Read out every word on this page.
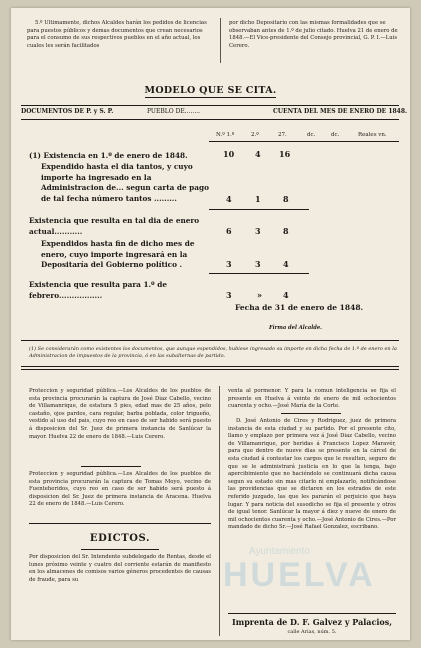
5.º Ultimamente, dichos Alcaldes harán los pedidos de licencias para puestos públicos y demas documentos que crean necesarios para el consumo de sus respectivos pueblos en el año actual, los cuales les serán facilitados
por dicho Depositario con las mismas formalidades que se observaban antes de 1.º de julio citado. Huelva 21 de enero de 1848.—El Vice-presidente del Consejo provincial, G. P. I.—Luis Cerero.
MODELO QUE SE CITA.
DOCUMENTOS DE P. y S. P.	PUEBLO DE........	CUENTA DEL MES DE ENERO DE 1848.
N.º 1.º	2.º	27.	dc.	dc.	Reales vn.
(1) Existencia en 1.º de enero de 1848.	10	4 16
Expendido hasta el dia tantos, y cuyo importe ha ingresado en la Administracion de... segun carta de pago de tal fecha número tantos .........	4	1	8
Existencia que resulta en tal dia de enero actual...........	6	3	8
Expendidos hasta fin de dicho mes de enero, cuyo importe ingresará en la Depositaría del Gobierno político .	3	3	4
Existencia que resulta para 1.º de febrero.................	3	»	4
Fecha de 31 de enero de 1848.
Firma del Alcalde.
(1) Se considerarán como existentes los documentos, que aunque espendidos, hubiese ingresado su importe en dicha fecha de 1.º de enero en la Administracion de impuestos de la provincia, ó en las subalternas de partido.
Proteccion y seguridad pública.—Los Alcaldes de los pueblos de esta provincia procurarán la captura de José Diaz Cabello, vecino de Villamanrique, de estatura 5 pies, edad mas de 25 años, pelo castaño, ojos pardos, cara regular, barba poblada, color trigueño, vestido al uso del pais, cuyo reo en caso de ser habido será puesto á disposicion del Sr. Juez de primera instancia de Sanlúcar la mayor. Huelva 22 de enero de 1848.—Luis Cerero.
Proteccion y seguridad pública.—Los Alcaldes de los pueblos de esta provincia procurarán la captura de Tomas Moyo, vecino de Fuenteheridos, cuyo reo en caso de ser habido será puesto á disposicion del Sr. Juez de primera instancia de Aracena. Huelva 22 de enero de 1848.—Luis Cerero.
EDICTOS.
Por disposicion del Sr. Intendente subdelegado de Rentas, desde el lunes próximo veinte y cuatro del corriente estarán de manifiesto en los almacenes de comisos varios géneros procedentes de causas de fraude, para su
venta al pormenor. Y para la comun inteligencia se fija el presente en Huelva á veinte de enero de mil ochocientos cuarenta y ocho.—José María de la Corte.
D. José Antonio de Cires y Rodriguez, juez de primera instancia de esta ciudad y su partido. Por el presente cito, llamo y emplazo por primera vez á José Diaz Cabello, vecino de Villamanrique, por heridas á Francisco Lopez Maravér, para que dentro de nueve dias se presente en la cárcel de esta ciudad á contestar los cargos que le resulten, seguro de que se le administrará justicia en lo que la tenga, bajo apercibimiento que no haciéndolo se continuará dicha causa segun su estado sin mas citarlo ni emplazarlo, notificándose las providencias que se dictaren en los estrados de este referido juzgado, las que les pararán el perjuicio que haya lugar. Y para noticia del susodicho se fija el presente y otros de igual tenor. Sanlúcar la mayor á diez y nueve de enero de mil ochocientos cuarenta y ocho.—José Antonio de Cires.—Por mandado de dicho Sr.—José Rafael Gonzalez, escribano.
Ayuntamiento
HUELVA
Imprenta de D. F. Galvez y Palacios,
calle Arias, núm. 5.
